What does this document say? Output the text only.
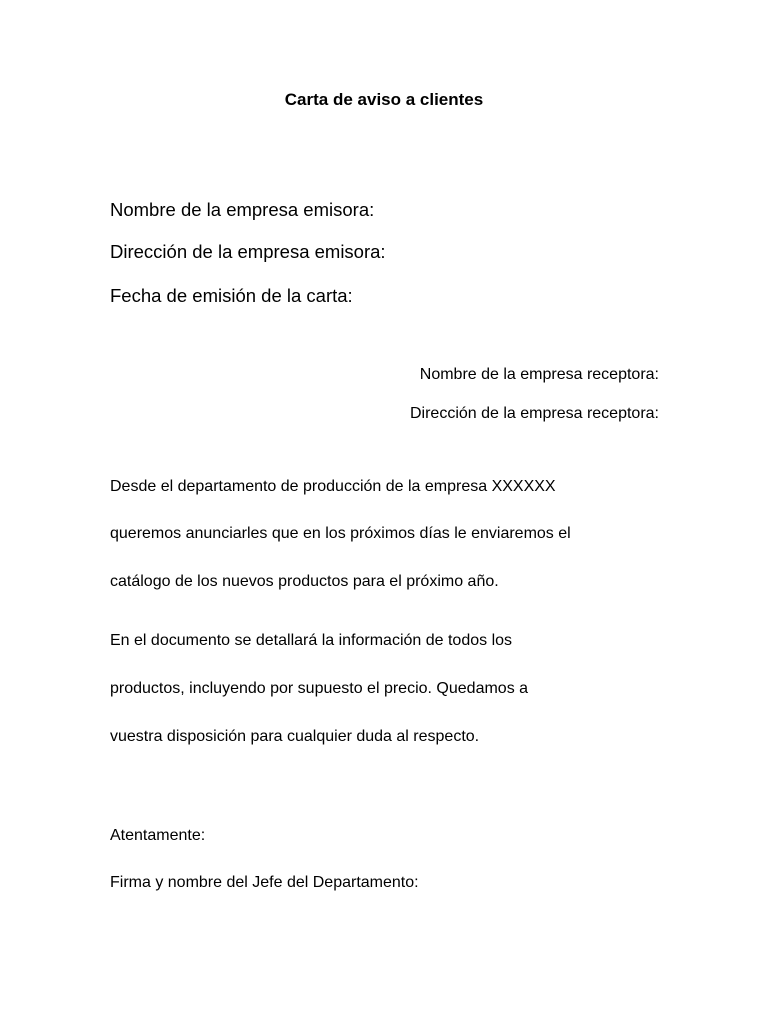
Carta de aviso a clientes
Nombre de la empresa emisora:
Dirección de la empresa emisora:
Fecha de emisión de la carta:
Nombre de la empresa receptora:
Dirección de la empresa receptora:
Desde el departamento de producción de la empresa XXXXXX
queremos anunciarles que en los próximos días le enviaremos el
catálogo de los nuevos productos para el próximo año.
En el documento se detallará la información de todos los
productos, incluyendo por supuesto el precio. Quedamos a
vuestra disposición para cualquier duda al respecto.
Atentamente:
Firma y nombre del Jefe del Departamento:
